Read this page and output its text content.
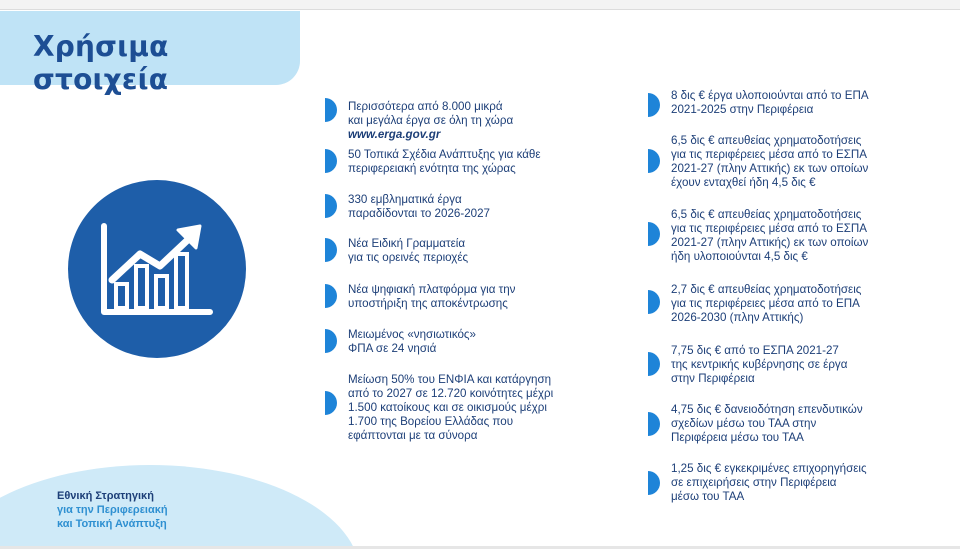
Χρήσιμα στοιχεία
Εθνική Στρατηγική
για την Περιφερειακή
και Τοπική Ανάπτυξη

Περισσότερα από 8.000 μικρά
και μεγάλα έργα σε όλη τη χώρα

www.erga.gov.gr

50 Τοπικά Σχέδια Ανάπτυξης για κάθε
περιφερειακή ενότητα της χώρας
330 εμβληματικά έργα
παραδίδονται το 2026-2027
Νέα Ειδική Γραμματεία
για τις ορεινές περιοχές
Νέα ψηφιακή πλατφόρμα για την
υποστήριξη της αποκέντρωσης
Μειωμένος «νησιωτικός»
ΦΠΑ σε 24 νησιά
Μείωση 50% του ΕΝΦΙΑ και κατάργηση
από το 2027 σε 12.720 κοινότητες μέχρι
1.500 κατοίκους και σε οικισμούς μέχρι
1.700 της Βορείου Ελλάδας που
εφάπτονται με τα σύνορα
8 δις € έργα υλοποιούνται από το ΕΠΑ
2021-2025 στην Περιφέρεια
6,5 δις € απευθείας χρηματοδοτήσεις
για τις περιφέρειες μέσα από το ΕΣΠΑ
2021-27 (πλην Αττικής) εκ των οποίων
έχουν ενταχθεί ήδη 4,5 δις €
6,5 δις € απευθείας χρηματοδοτήσεις
για τις περιφέρειες μέσα από το ΕΣΠΑ
2021-27 (πλην Αττικής) εκ των οποίων
ήδη υλοποιούνται 4,5 δις €
2,7 δις € απευθείας χρηματοδοτήσεις
για τις περιφέρειες μέσα από το ΕΠΑ
2026-2030 (πλην Αττικής)
7,75 δις € από το ΕΣΠΑ 2021-27
της κεντρικής κυβέρνησης σε έργα
στην Περιφέρεια
4,75 δις € δανειοδότηση επενδυτικών
σχεδίων μέσω του ΤΑΑ στην
Περιφέρεια μέσω του ΤΑΑ
1,25 δις € εγκεκριμένες επιχορηγήσεις
σε επιχειρήσεις στην Περιφέρεια
μέσω του ΤΑΑ
